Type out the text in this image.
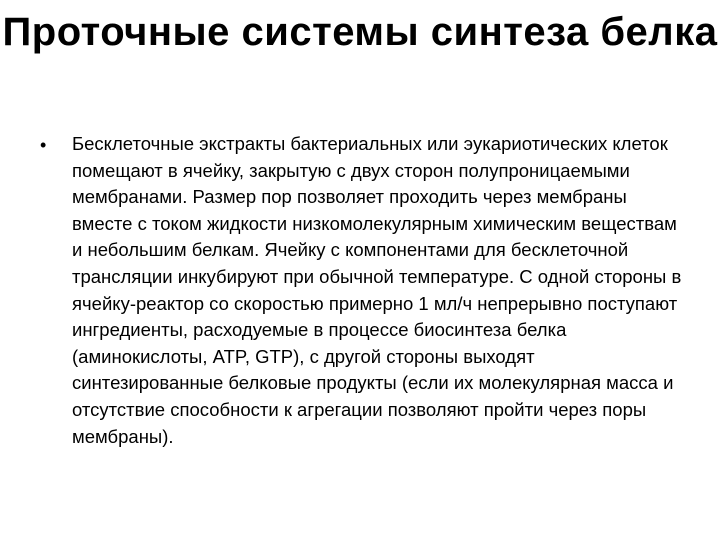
Проточные системы синтеза белка
• Бесклеточные экстракты бактериальных или эукариотических клеток помещают в ячейку, закрытую с двух сторон полупроницаемыми мембранами. Размер пор позволяет проходить через мембраны вместе с током жидкости низкомолекулярным химическим веществам и небольшим белкам. Ячейку с компонентами для бесклеточной трансляции инкубируют при обычной температуре. С одной стороны в ячейку-реактор со скоростью примерно 1 мл/ч непрерывно поступают ингредиенты, расходуемые в процессе биосинтеза белка (аминокислоты, ATP, GTP), с другой стороны выходят синтезированные белковые продукты (если их молекулярная масса и отсутствие способности к агрегации позволяют пройти через поры мембраны).
